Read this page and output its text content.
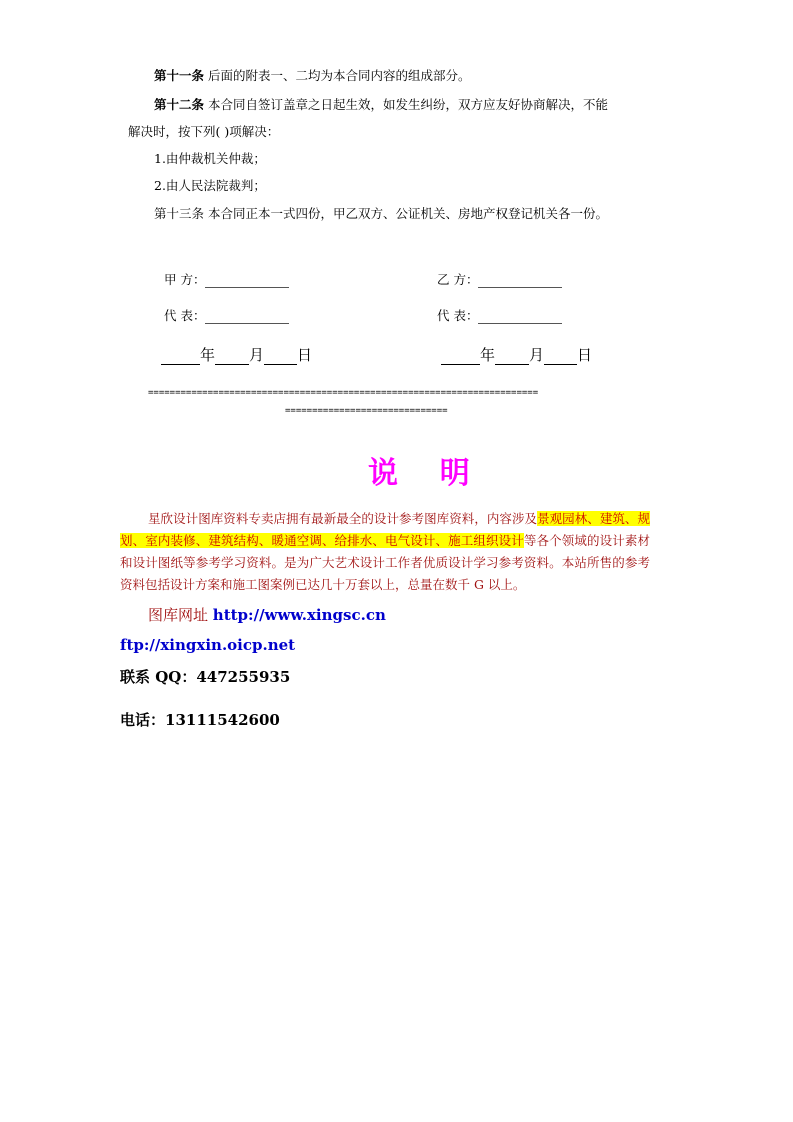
第十一条 后面的附表一、二均为本合同内容的组成部分。
第十二条 本合同自签订盖章之日起生效，如发生纠纷，双方应友好协商解决，不能
解决时，按下列( )项解决：
1.由仲裁机关仲裁；
2.由人民法院裁判；
第十三条 本合同正本一式四份，甲乙双方、公证机关、房地产权登记机关各一份。
甲 方：	乙 方：
代 表：	代 表：
年 月 日	年 月 日
========================================================================
==============================
说    明
星欣设计图库资料专卖店拥有最新最全的设计参考图库资料，内容涉及景观园林、建筑、规划、室内装修、建筑结构、暖通空调、给排水、电气设计、施工组织设计等各个领域的设计素材和设计图纸等参考学习资料。是为广大艺术设计工作者优质设计学习参考资料。本站所售的参考资料包括设计方案和施工图案例已达几十万套以上，总量在数千 G 以上。
图库网址 http://www.xingsc.cn
ftp://xingxin.oicp.net
联系 QQ：447255935
电话：13111542600
